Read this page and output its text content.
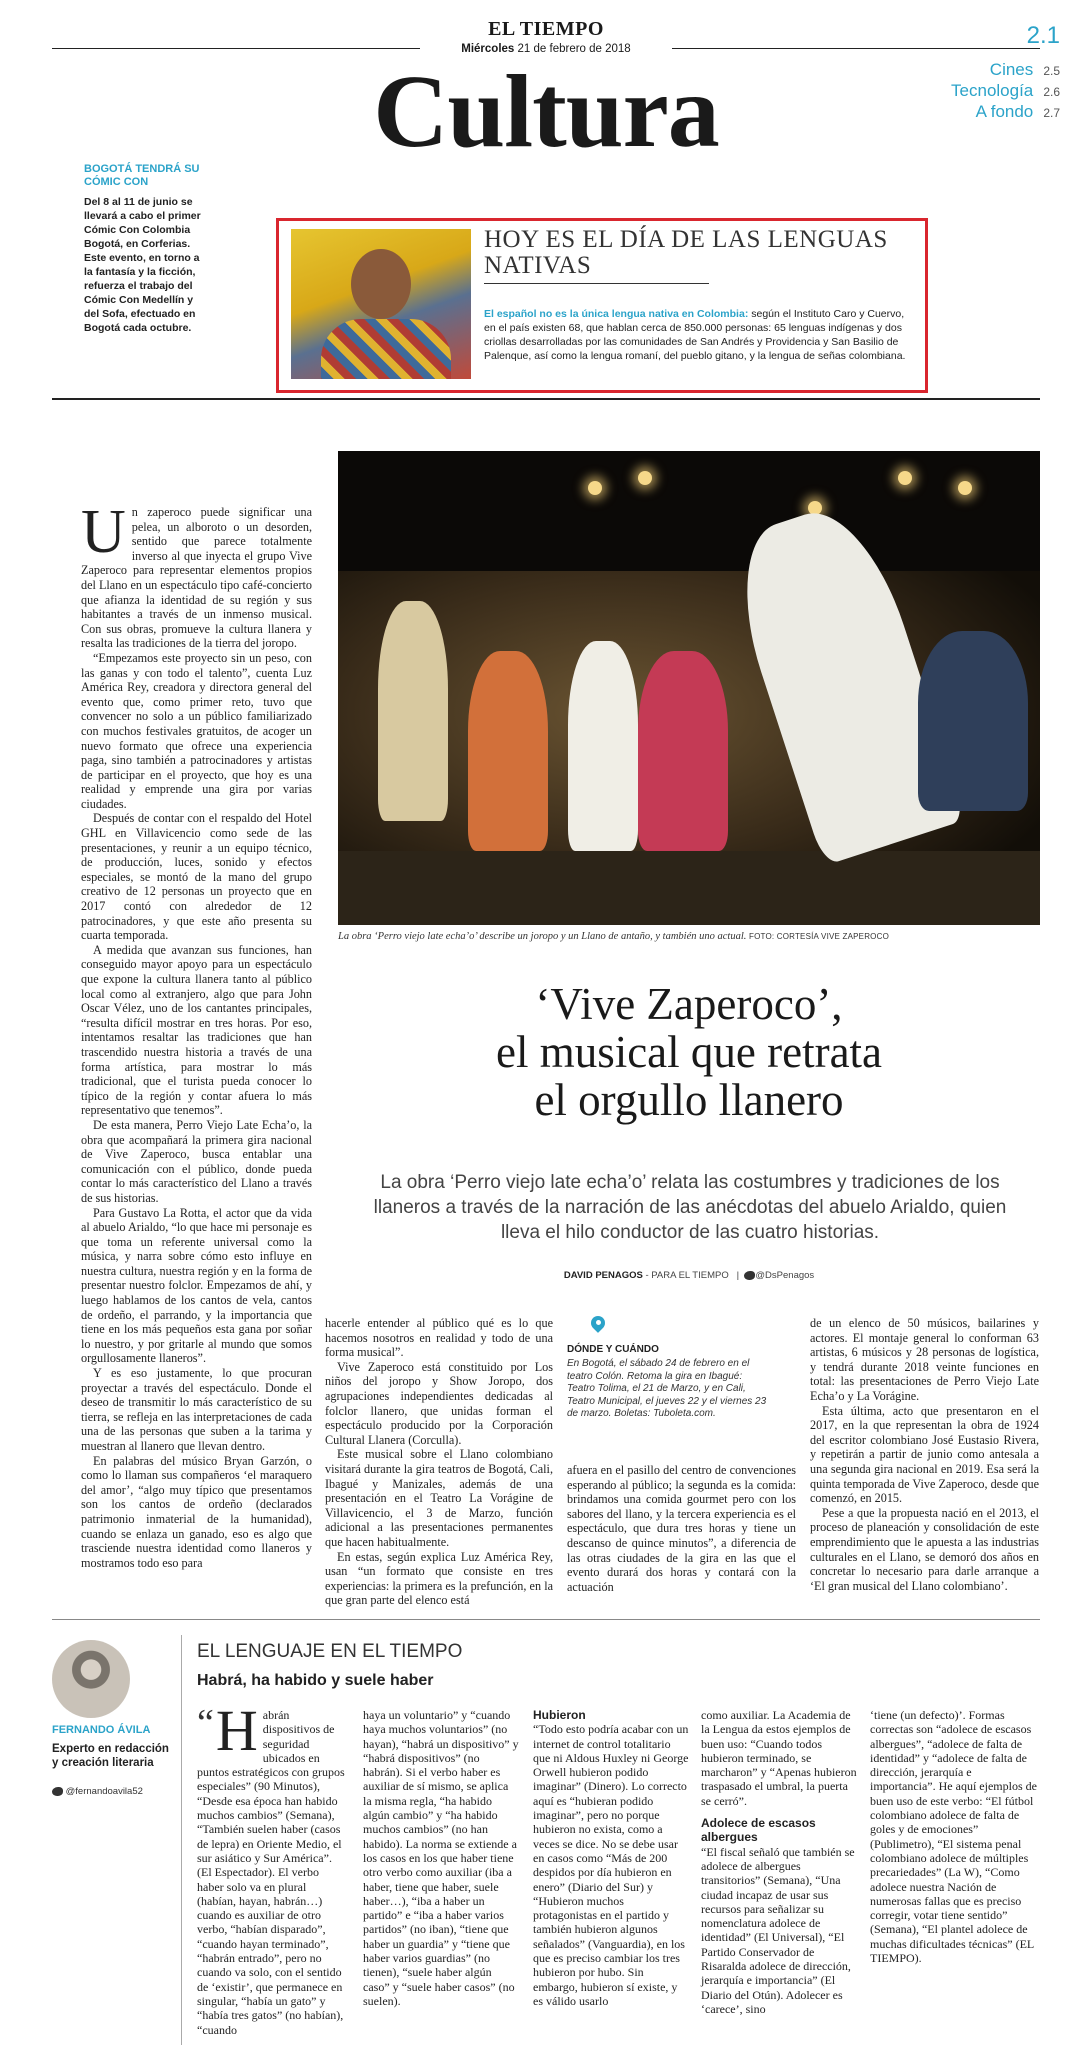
EL TIEMPO
Miércoles 21 de febrero de 2018	2.1
Cultura	Cines 2.5
Tecnología 2.6
A fondo 2.7
BOGOTÁ TENDRÁ SU CÓMIC CON

Del 8 al 11 de junio se llevará a cabo el primer Cómic Con Colombia Bogotá, en Corferias. Este evento, en torno a la fantasía y la ficción, refuerza el trabajo del Cómic Con Medellín y del Sofa, efectuado en Bogotá cada octubre.

HOY ES EL DÍA DE LAS LENGUAS NATIVAS
El español no es la única lengua nativa en Colombia: según el Instituto Caro y Cuervo, en el país existen 68, que hablan cerca de 850.000 personas: 65 lenguas indígenas y dos criollas desarrolladas por las comunidades de San Andrés y Providencia y San Basilio de Palenque, así como la lengua romaní, del pueblo gitano, y la lengua de señas colombiana.
La obra ‘Perro viejo late echa’o’ describe un joropo y un Llano de antaño, y también uno actual. FOTO: CORTESÍA VIVE ZAPEROCO
‘Vive Zaperoco’,
el musical que retrata
el orgullo llanero
La obra ‘Perro viejo late echa’o’ relata las costumbres y tradiciones de los llaneros a través de la narración de las anécdotas del abuelo Arialdo, quien lleva el hilo conductor de las cuatro historias.
DAVID PENAGOS - PARA EL TIEMPO   |  @DsPenagos

Un zaperoco puede significar una pelea, un alboroto o un desorden, sentido que parece totalmente inverso al que inyecta el grupo Vive Zaperoco para representar elementos propios del Llano en un espectáculo tipo café-concierto que afianza la identidad de su región y sus habitantes a través de un inmenso musical. Con sus obras, promueve la cultura llanera y resalta las tradiciones de la tierra del joropo.

“Empezamos este proyecto sin un peso, con las ganas y con todo el talento”, cuenta Luz América Rey, creadora y directora general del evento que, como primer reto, tuvo que convencer no solo a un público familiarizado con muchos festivales gratuitos, de acoger un nuevo formato que ofrece una experiencia paga, sino también a patrocinadores y artistas de participar en el proyecto, que hoy es una realidad y emprende una gira por varias ciudades.

Después de contar con el respaldo del Hotel GHL en Villavicencio como sede de las presentaciones, y reunir a un equipo técnico, de producción, luces, sonido y efectos especiales, se montó de la mano del grupo creativo de 12 personas un proyecto que en 2017 contó con alrededor de 12 patrocinadores, y que este año presenta su cuarta temporada.

A medida que avanzan sus funciones, han conseguido mayor apoyo para un espectáculo que expone la cultura llanera tanto al público local como al extranjero, algo que para John Oscar Vélez, uno de los cantantes principales, “resulta difícil mostrar en tres horas. Por eso, intentamos resaltar las tradiciones que han trascendido nuestra historia a través de una forma artística, para mostrar lo más tradicional, que el turista pueda conocer lo típico de la región y contar afuera lo más representativo que tenemos”.

De esta manera, Perro Viejo Late Echa’o, la obra que acompañará la primera gira nacional de Vive Zaperoco, busca entablar una comunicación con el público, donde pueda contar lo más característico del Llano a través de sus historias.

Para Gustavo La Rotta, el actor que da vida al abuelo Arialdo, “lo que hace mi personaje es que toma un referente universal como la música, y narra sobre cómo esto influye en nuestra cultura, nuestra región y en la forma de presentar nuestro folclor. Empezamos de ahí, y luego hablamos de los cantos de vela, cantos de ordeño, el parrando, y la importancia que tiene en los más pequeños esta gana por soñar lo nuestro, y por gritarle al mundo que somos orgullosamente llaneros”.

Y es eso justamente, lo que procuran proyectar a través del espectáculo. Donde el deseo de transmitir lo más característico de su tierra, se refleja en las interpretaciones de cada una de las personas que suben a la tarima y muestran al llanero que llevan dentro.

En palabras del músico Bryan Garzón, o como lo llaman sus compañeros ‘el maraquero del amor’, “algo muy típico que presentamos son los cantos de ordeño (declarados patrimonio inmaterial de la humanidad), cuando se enlaza un ganado, eso es algo que trasciende nuestra identidad como llaneros y mostramos todo eso para

hacerle entender al público qué es lo que hacemos nosotros en realidad y todo de una forma musical”.

Vive Zaperoco está constituido por Los niños del joropo y Show Joropo, dos agrupaciones independientes dedicadas al folclor llanero, que unidas forman el espectáculo producido por la Corporación Cultural Llanera (Corculla).

Este musical sobre el Llano colombiano visitará durante la gira teatros de Bogotá, Cali, Ibagué y Manizales, además de una presentación en el Teatro La Vorágine de Villavicencio, el 3 de Marzo, función adicional a las presentaciones permanentes que hacen habitualmente.

En estas, según explica Luz América Rey, usan “un formato que consiste en tres experiencias: la primera es la prefunción, en la que gran parte del elenco está

DÓNDE Y CUÁNDO

En Bogotá, el sábado 24 de febrero en el teatro Colón. Retoma la gira en Ibagué: Teatro Tolima, el 21 de Marzo, y en Cali, Teatro Municipal, el jueves 22 y el viernes 23 de marzo. Boletas: Tuboleta.com.

afuera en el pasillo del centro de convenciones esperando al público; la segunda es la comida: brindamos una comida gourmet pero con los sabores del llano, y la tercera experiencia es el espectáculo, que dura tres horas y tiene un descanso de quince minutos”, a diferencia de las otras ciudades de la gira en las que el evento durará dos horas y contará con la actuación

de un elenco de 50 músicos, bailarines y actores. El montaje general lo conforman 63 artistas, 6 músicos y 28 personas de logística, y tendrá durante 2018 veinte funciones en total: las presentaciones de Perro Viejo Late Echa’o y La Vorágine.

Esta última, acto que presentaron en el 2017, en la que representan la obra de 1924 del escritor colombiano José Eustasio Rivera, y repetirán a partir de junio como antesala a una segunda gira nacional en 2019. Esa será la quinta temporada de Vive Zaperoco, desde que comenzó, en 2015.

Pese a que la propuesta nació en el 2013, el proceso de planeación y consolidación de este emprendimiento que le apuesta a las industrias culturales en el Llano, se demoró dos años en concretar lo necesario para darle arranque a ‘El gran musical del Llano colombiano’.

FERNANDO ÁVILA
Experto en redacción y creación literaria
@fernandoavila52
EL LENGUAJE EN EL TIEMPO
Habrá, ha habido y suele haber
“ H abrán dispositivos de seguridad ubicados en puntos estratégicos con grupos especiales” (90 Minutos), “Desde esa época han habido muchos cambios” (Semana), “También suelen haber (casos de lepra) en Oriente Medio, el sur asiático y Sur América”. (El Espectador). El verbo haber solo va en plural (habían, hayan, habrán…) cuando es auxiliar de otro verbo, “habían disparado”, “cuando hayan terminado”, “habrán entrado”, pero no cuando va solo, con el sentido de ‘existir’, que permanece en singular, “había un gato” y “había tres gatos” (no habían), “cuando
haya un voluntario” y “cuando haya muchos voluntarios” (no hayan), “habrá un dispositivo” y “habrá dispositivos” (no habrán). Si el verbo haber es auxiliar de sí mismo, se aplica la misma regla, “ha habido algún cambio” y “ha habido muchos cambios” (no han habido). La norma se extiende a los casos en los que haber tiene otro verbo como auxiliar (iba a haber, tiene que haber, suele haber…), “iba a haber un partido” e “iba a haber varios partidos” (no iban), “tiene que haber un guardia” y “tiene que haber varios guardias” (no tienen), “suele haber algún caso” y “suele haber casos” (no suelen).
Hubieron
“Todo esto podría acabar con un internet de control totalitario que ni Aldous Huxley ni George Orwell hubieron podido imaginar” (Dinero). Lo correcto aquí es “hubieran podido imaginar”, pero no porque hubieron no exista, como a veces se dice. No se debe usar en casos como “Más de 200 despidos por día hubieron en enero” (Diario del Sur) y “Hubieron muchos protagonistas en el partido y también hubieron algunos señalados” (Vanguardia), en los que es preciso cambiar los tres hubieron por hubo. Sin embargo, hubieron sí existe, y es válido usarlo
como auxiliar. La Academia de la Lengua da estos ejemplos de buen uso: “Cuando todos hubieron terminado, se marcharon” y “Apenas hubieron traspasado el umbral, la puerta se cerró”.
Adolece de escasos albergues
“El fiscal señaló que también se adolece de albergues transitorios” (Semana), “Una ciudad incapaz de usar sus recursos para señalizar su nomenclatura adolece de identidad” (El Universal), “El Partido Conservador de Risaralda adolece de dirección, jerarquía e importancia” (El Diario del Otún). Adolecer es ‘carece’, sino
‘tiene (un defecto)’. Formas correctas son “adolece de escasos albergues”, “adolece de falta de identidad” y “adolece de falta de dirección, jerarquía e importancia”. He aquí ejemplos de buen uso de este verbo: “El fútbol colombiano adolece de falta de goles y de emociones” (Publimetro), “El sistema penal colombiano adolece de múltiples precariedades” (La W), “Como adolece nuestra Nación de numerosas fallas que es preciso corregir, votar tiene sentido” (Semana), “El plantel adolece de muchas dificultades técnicas” (EL TIEMPO).
